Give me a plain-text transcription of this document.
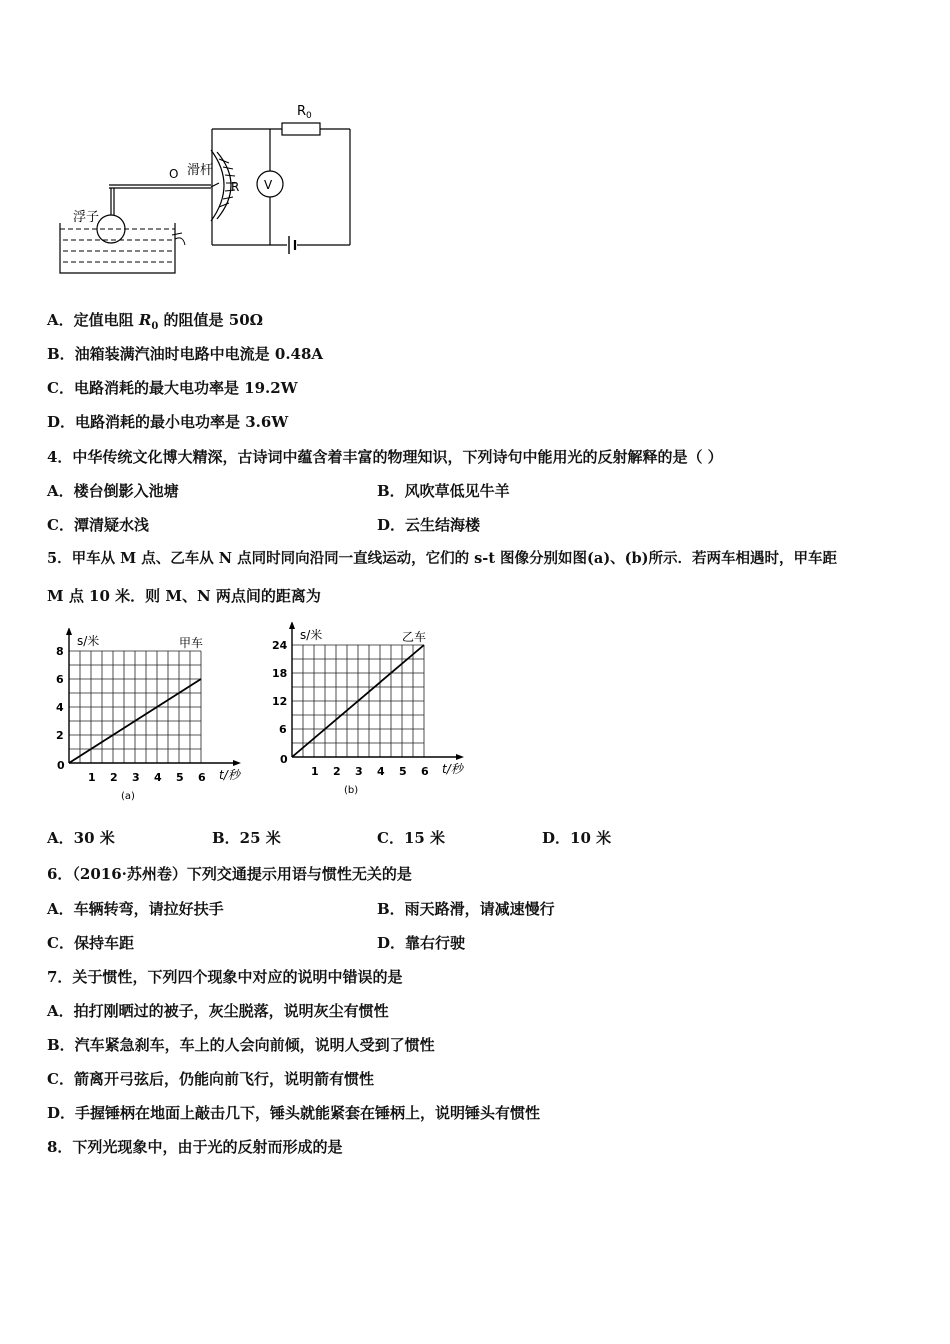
$R_0$
V
R
O 滑杆
浮子
A．定值电阻 $R_0$ 的阻值是 50Ω
B．油箱装满汽油时电路中电流是 0.48A
C．电路消耗的最大电功率是 19.2W
D．电路消耗的最小电功率是 3.6W
4．中华传统文化博大精深，古诗词中蕴含着丰富的物理知识，下列诗句中能用光的反射解释的是（ ）
A．楼台倒影入池塘	B．风吹草低见牛羊
C．潭清疑水浅	D．云生结海楼
5．甲车从 M 点、乙车从 N 点同时同向沿同一直线运动，它们的 s-t 图像分别如图(a)、(b)所示．若两车相遇时，甲车距
M 点 10 米．则 M、N 两点间的距离为
1 2 3 4 5 6
2
4
6
8
0
s/米
t/秒
甲车
(a)
1 2 3 4 5 6
6
12
18
24
0
s/米
t/秒
乙车
(b)
A．30 米	B．25 米	C．15 米	D．10 米
6．（2016·苏州卷）下列交通提示用语与惯性无关的是
A．车辆转弯，请拉好扶手	B．雨天路滑，请减速慢行
C．保持车距	D．靠右行驶
7．关于惯性，下列四个现象中对应的说明中错误的是
A．拍打刚晒过的被子，灰尘脱落，说明灰尘有惯性
B．汽车紧急刹车，车上的人会向前倾，说明人受到了惯性
C．箭离开弓弦后，仍能向前飞行，说明箭有惯性
D．手握锤柄在地面上敲击几下，锤头就能紧套在锤柄上，说明锤头有惯性
8．下列光现象中，由于光的反射而形成的是
